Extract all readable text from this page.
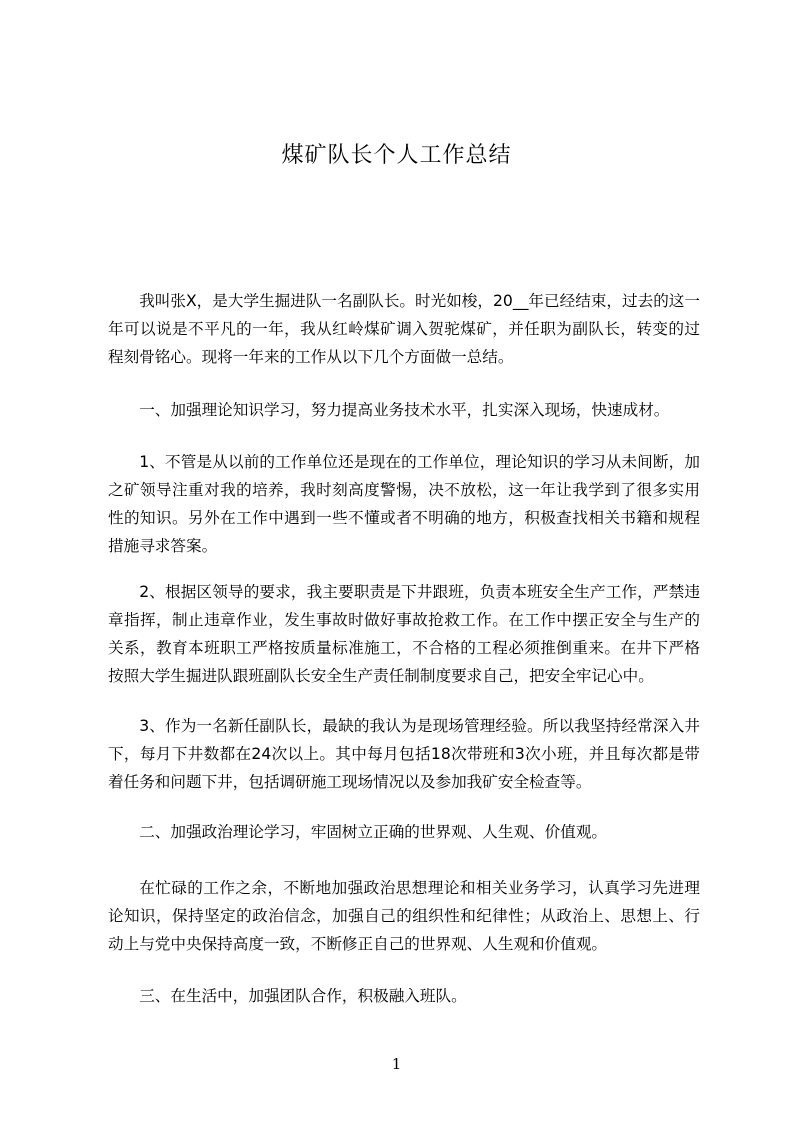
煤矿队长个人工作总结

我叫张X，是大学生掘进队一名副队长。时光如梭，20__年已经结束，过去的这一年可以说是不平凡的一年，我从红岭煤矿调入贺驼煤矿，并任职为副队长，转变的过程刻骨铭心。现将一年来的工作从以下几个方面做一总结。

一、加强理论知识学习，努力提高业务技术水平，扎实深入现场，快速成材。

1、不管是从以前的工作单位还是现在的工作单位，理论知识的学习从未间断，加之矿领导注重对我的培养，我时刻高度警惕，决不放松，这一年让我学到了很多实用性的知识。另外在工作中遇到一些不懂或者不明确的地方，积极查找相关书籍和规程措施寻求答案。

2、根据区领导的要求，我主要职责是下井跟班，负责本班安全生产工作，严禁违章指挥，制止违章作业，发生事故时做好事故抢救工作。在工作中摆正安全与生产的关系，教育本班职工严格按质量标准施工，不合格的工程必须推倒重来。在井下严格按照大学生掘进队跟班副队长安全生产责任制制度要求自己，把安全牢记心中。

3、作为一名新任副队长，最缺的我认为是现场管理经验。所以我坚持经常深入井下，每月下井数都在24次以上。其中每月包括18次带班和3次小班，并且每次都是带着任务和问题下井，包括调研施工现场情况以及参加我矿安全检查等。

二、加强政治理论学习，牢固树立正确的世界观、人生观、价值观。

在忙碌的工作之余，不断地加强政治思想理论和相关业务学习，认真学习先进理论知识，保持坚定的政治信念，加强自己的组织性和纪律性；从政治上、思想上、行动上与党中央保持高度一致，不断修正自己的世界观、人生观和价值观。

三、在生活中，加强团队合作，积极融入班队。

1
